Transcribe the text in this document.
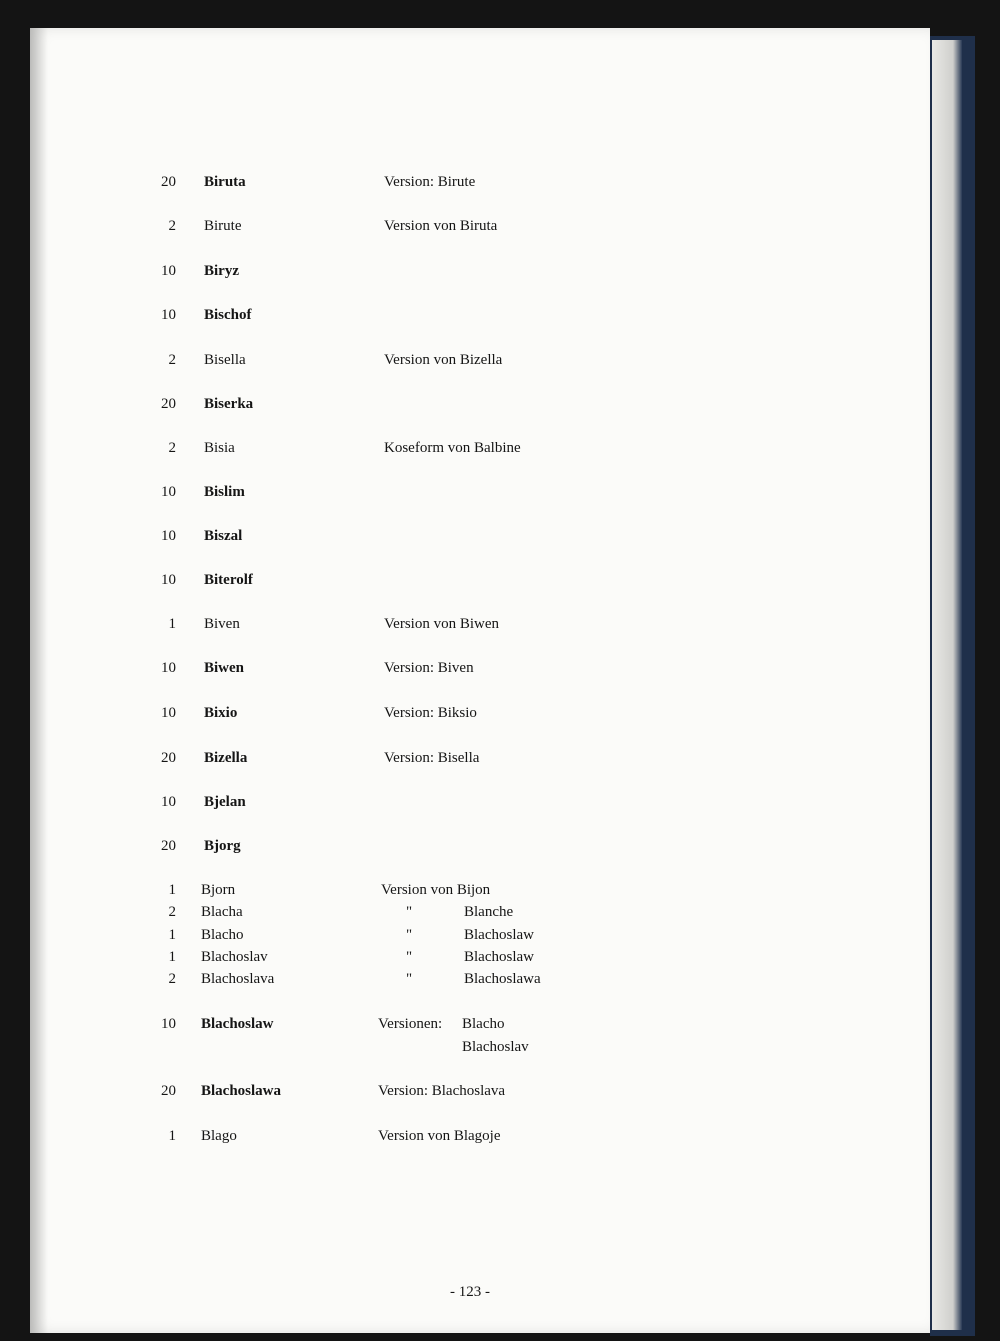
20 Biruta	Version: Birute
2 Birute	Version von Biruta
10 Biryz
10 Bischof
2 Bisella	Version von Bizella
20 Biserka
2 Bisia	Koseform von Balbine
10 Bislim
10 Biszal
10 Biterolf
1 Biven	Version von Biwen
10 Biwen	Version: Biven
10 Bixio	Version: Biksio
20 Bizella	Version: Bisella
10 Bjelan
20 Bjorg
1 Bjorn	Version von Bijon
2 Blacha	"	Blanche
1 Blacho	"	Blachoslaw
1 Blachoslav	"	Blachoslaw
2 Blachoslava	"	Blachoslawa
10 Blachoslaw	Versionen: Blacho
Blachoslav
20 Blachoslawa	Version: Blachoslava
1 Blago	Version von Blagoje
- 123 -
